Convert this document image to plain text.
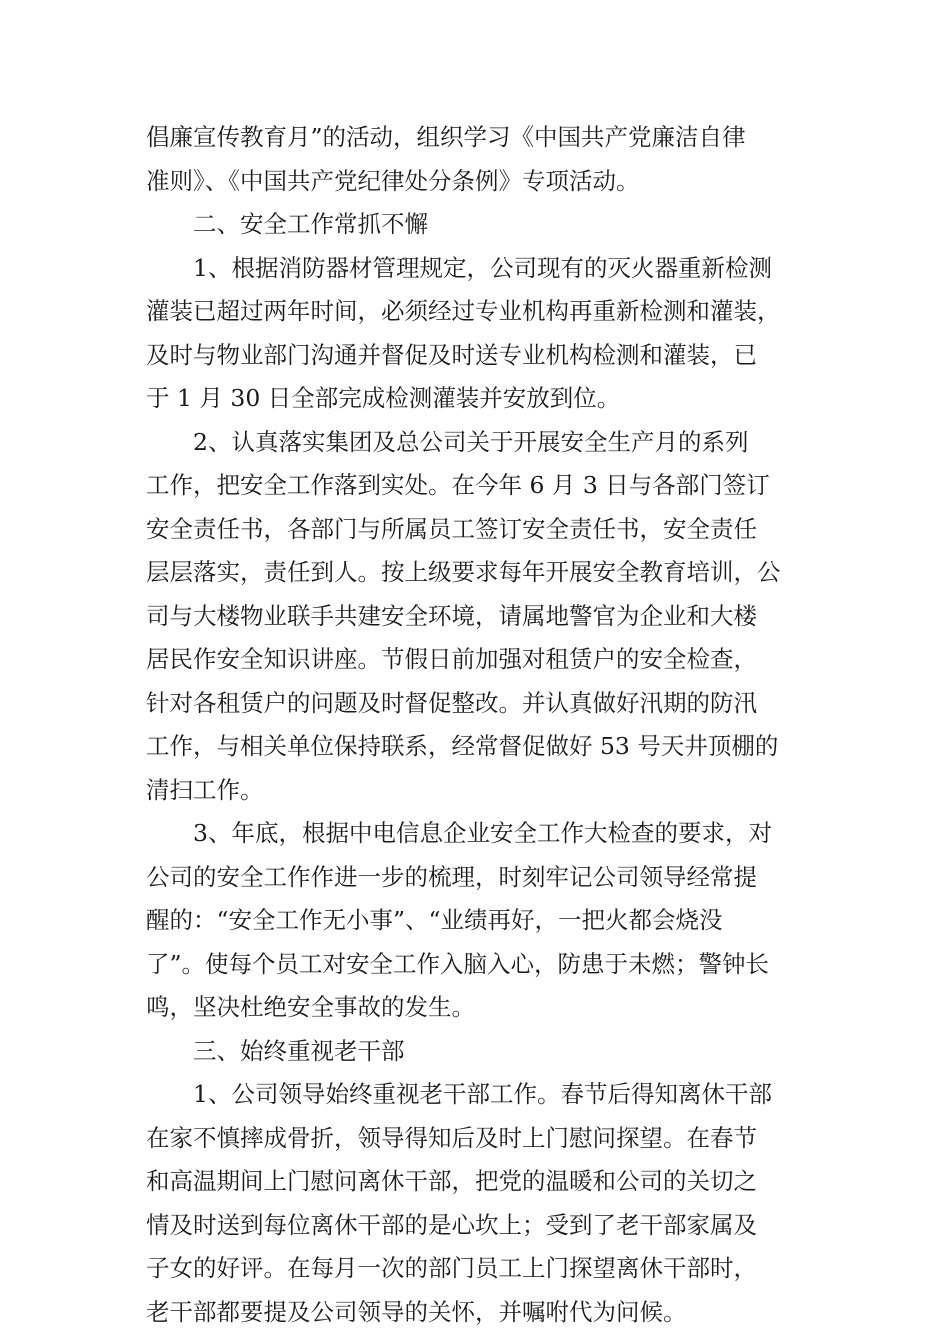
倡廉宣传教育月”的活动，组织学习《中国共产党廉洁自律
准则》、《中国共产党纪律处分条例》专项活动。
二、安全工作常抓不懈
1、根据消防器材管理规定，公司现有的灭火器重新检测
灌装已超过两年时间，必须经过专业机构再重新检测和灌装，
及时与物业部门沟通并督促及时送专业机构检测和灌装，已
于 1 月 30 日全部完成检测灌装并安放到位。
2、认真落实集团及总公司关于开展安全生产月的系列
工作，把安全工作落到实处。在今年 6 月 3 日与各部门签订
安全责任书，各部门与所属员工签订安全责任书，安全责任
层层落实，责任到人。按上级要求每年开展安全教育培训，公
司与大楼物业联手共建安全环境，请属地警官为企业和大楼
居民作安全知识讲座。节假日前加强对租赁户的安全检查，
针对各租赁户的问题及时督促整改。并认真做好汛期的防汛
工作，与相关单位保持联系，经常督促做好 53 号天井顶棚的
清扫工作。
3、年底，根据中电信息企业安全工作大检查的要求，对
公司的安全工作作进一步的梳理，时刻牢记公司领导经常提
醒的：“安全工作无小事”、“业绩再好，一把火都会烧没
了”。使每个员工对安全工作入脑入心，防患于未燃；警钟长
鸣，坚决杜绝安全事故的发生。
三、始终重视老干部
1、公司领导始终重视老干部工作。春节后得知离休干部
在家不慎摔成骨折，领导得知后及时上门慰问探望。在春节
和高温期间上门慰问离休干部，把党的温暖和公司的关切之
情及时送到每位离休干部的是心坎上；受到了老干部家属及
子女的好评。在每月一次的部门员工上门探望离休干部时，
老干部都要提及公司领导的关怀，并嘱咐代为问候。
